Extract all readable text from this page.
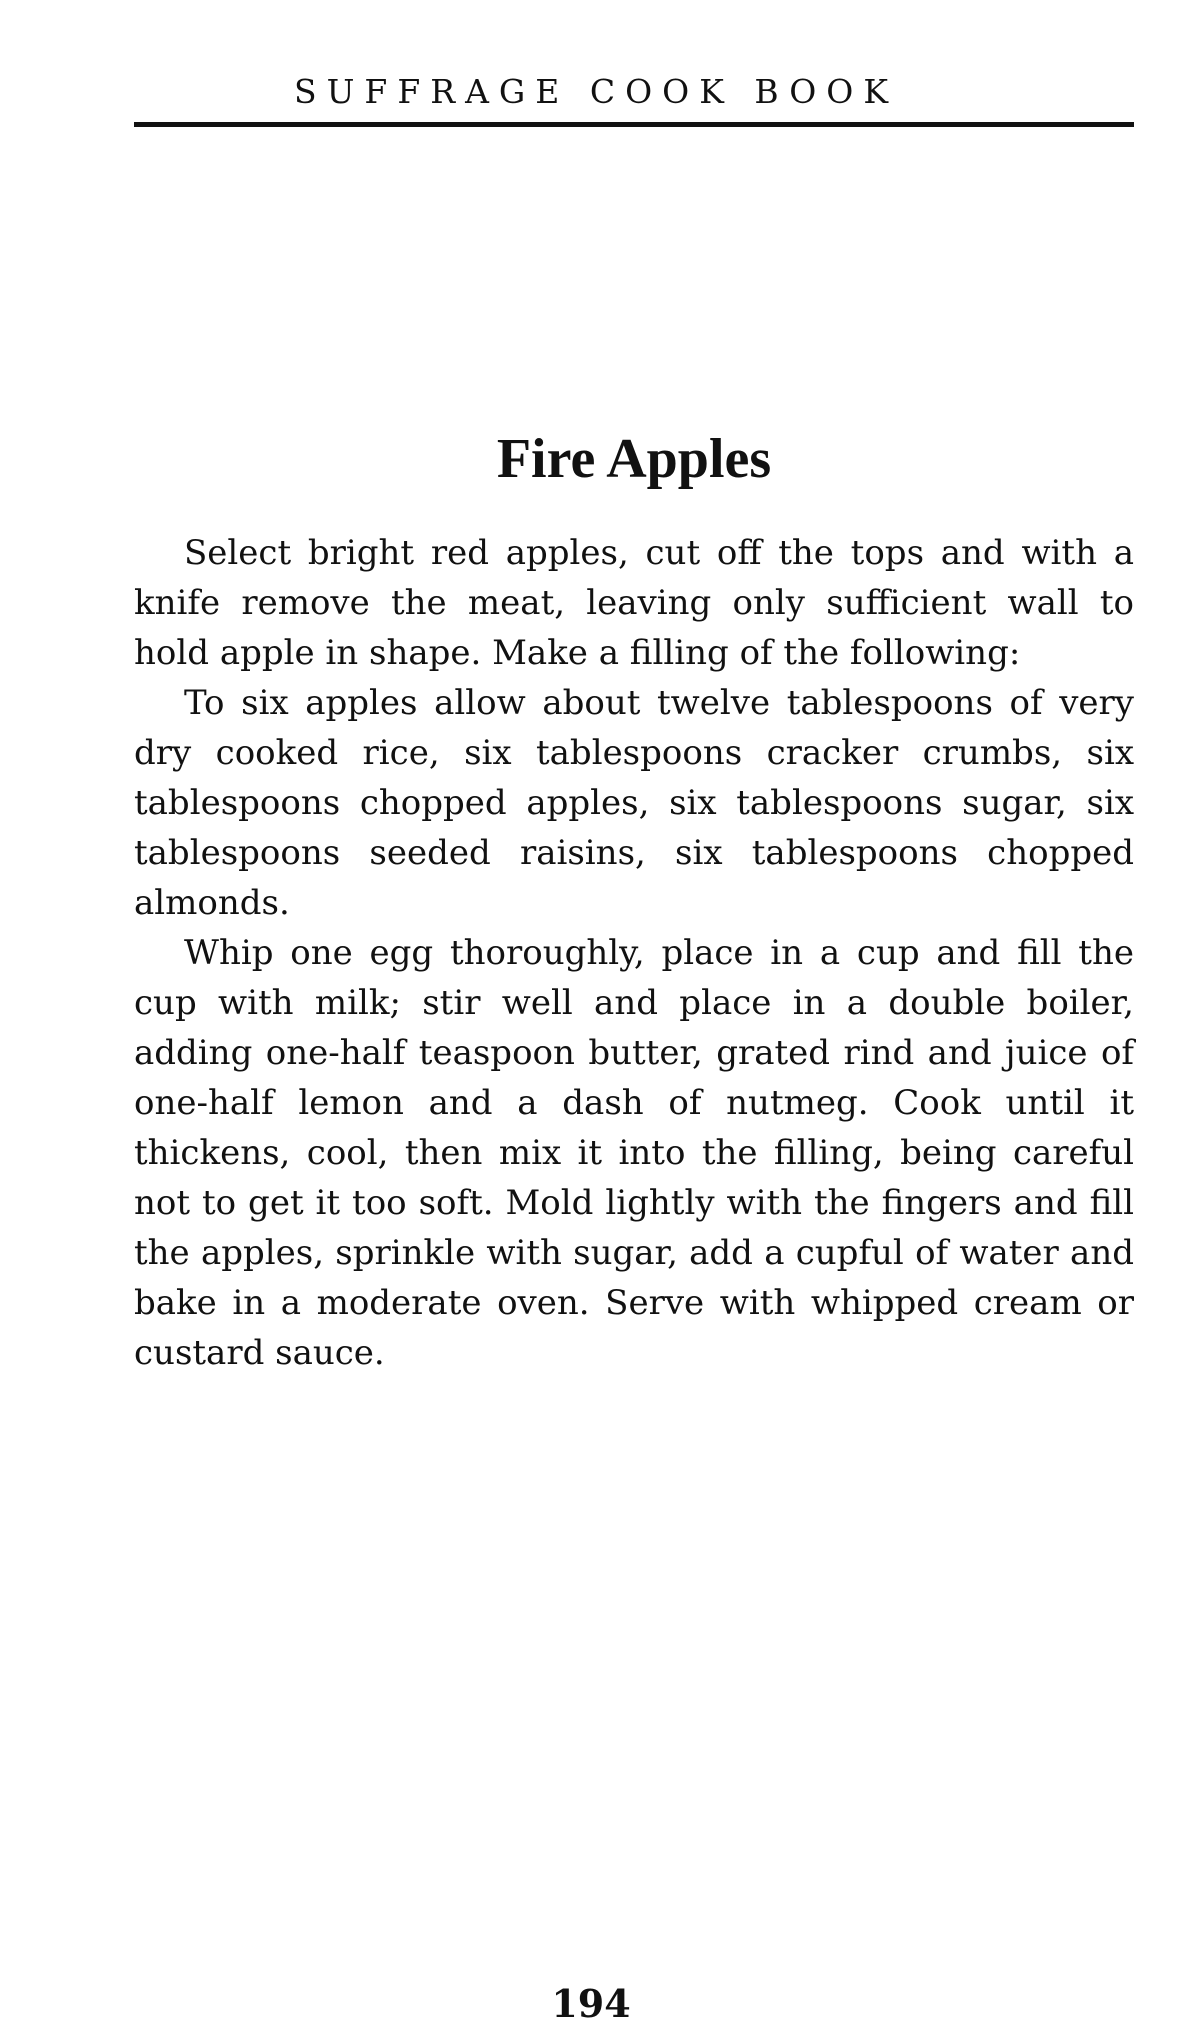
SUFFRAGE COOK BOOK
Fire Apples

Select bright red apples, cut off the tops and with a knife remove the meat, leaving only sufficient wall to hold apple in shape. Make a filling of the following:

To six apples allow about twelve tablespoons of very dry cooked rice, six tablespoons cracker crumbs, six tablespoons chopped apples, six tablespoons sugar, six tablespoons seeded raisins, six tablespoons chopped almonds.

Whip one egg thoroughly, place in a cup and fill the cup with milk; stir well and place in a double boiler, adding one-half teaspoon butter, grated rind and juice of one-half lemon and a dash of nutmeg. Cook until it thickens, cool, then mix it into the filling, being careful not to get it too soft. Mold lightly with the fingers and fill the apples, sprinkle with sugar, add a cupful of water and bake in a moderate oven. Serve with whipped cream or custard sauce.

194
